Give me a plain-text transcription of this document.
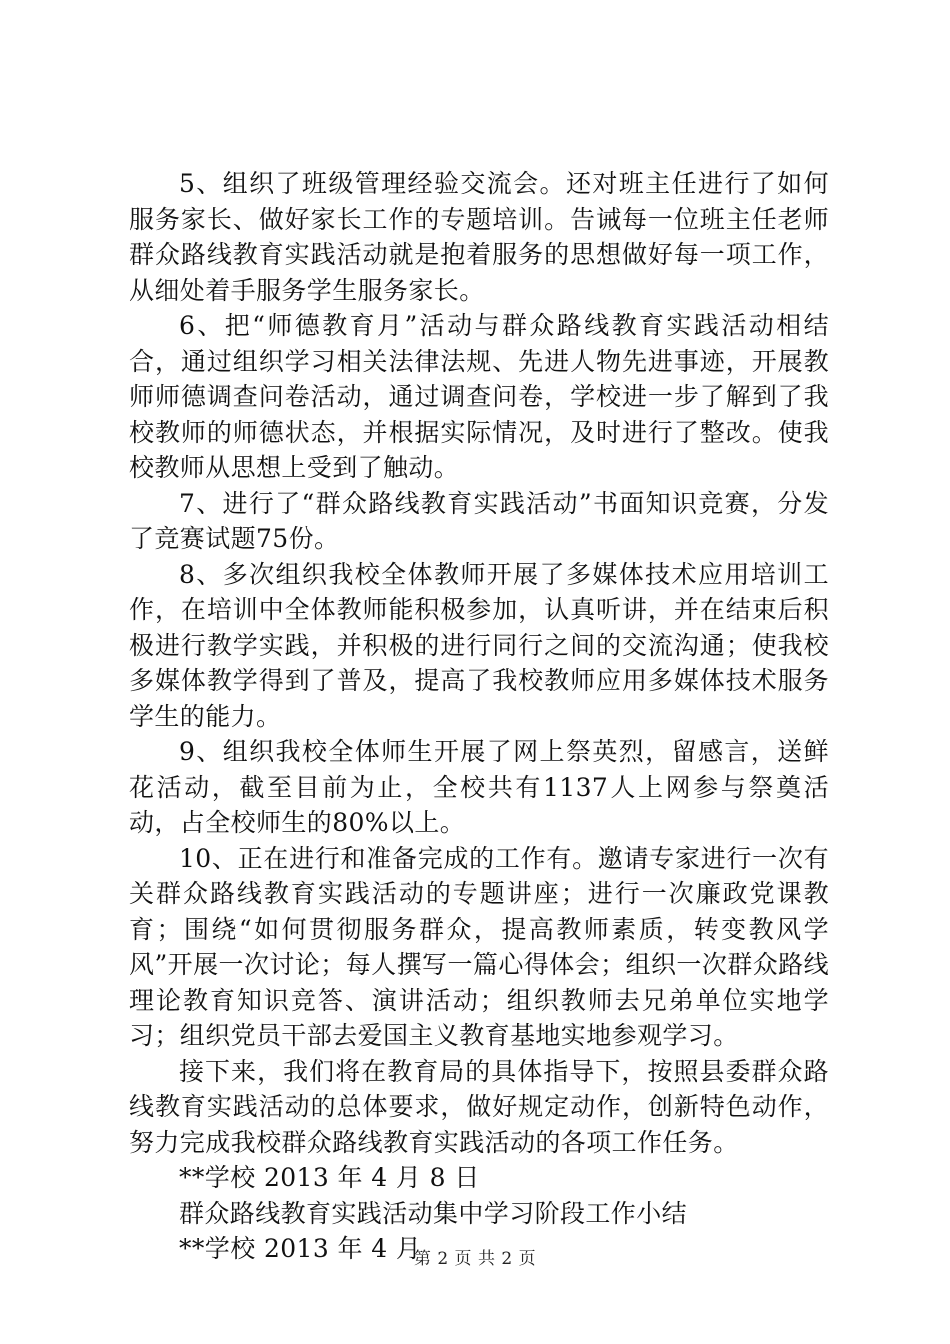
5、组织了班级管理经验交流会。还对班主任进行了如何服务家长、做好家长工作的专题培训。告诫每一位班主任老师群众路线教育实践活动就是抱着服务的思想做好每一项工作，从细处着手服务学生服务家长。

6、把“师德教育月”活动与群众路线教育实践活动相结合，通过组织学习相关法律法规、先进人物先进事迹，开展教师师德调查问卷活动，通过调查问卷，学校进一步了解到了我校教师的师德状态，并根据实际情况，及时进行了整改。使我校教师从思想上受到了触动。

7、进行了“群众路线教育实践活动”书面知识竞赛，分发了竞赛试题75份。

8、多次组织我校全体教师开展了多媒体技术应用培训工作，在培训中全体教师能积极参加，认真听讲，并在结束后积极进行教学实践，并积极的进行同行之间的交流沟通；使我校多媒体教学得到了普及，提高了我校教师应用多媒体技术服务学生的能力。

9、组织我校全体师生开展了网上祭英烈，留感言，送鲜花活动，截至目前为止，全校共有1137人上网参与祭奠活动，占全校师生的80%以上。

10、正在进行和准备完成的工作有。邀请专家进行一次有关群众路线教育实践活动的专题讲座；进行一次廉政党课教育；围绕“如何贯彻服务群众，提高教师素质，转变教风学风”开展一次讨论；每人撰写一篇心得体会；组织一次群众路线理论教育知识竞答、演讲活动；组织教师去兄弟单位实地学习；组织党员干部去爱国主义教育基地实地参观学习。

接下来，我们将在教育局的具体指导下，按照县委群众路线教育实践活动的总体要求，做好规定动作，创新特色动作，努力完成我校群众路线教育实践活动的各项工作任务。

**学校 2013 年 4 月 8 日

群众路线教育实践活动集中学习阶段工作小结

**学校 2013 年 4 月

第 2 页 共 2 页
